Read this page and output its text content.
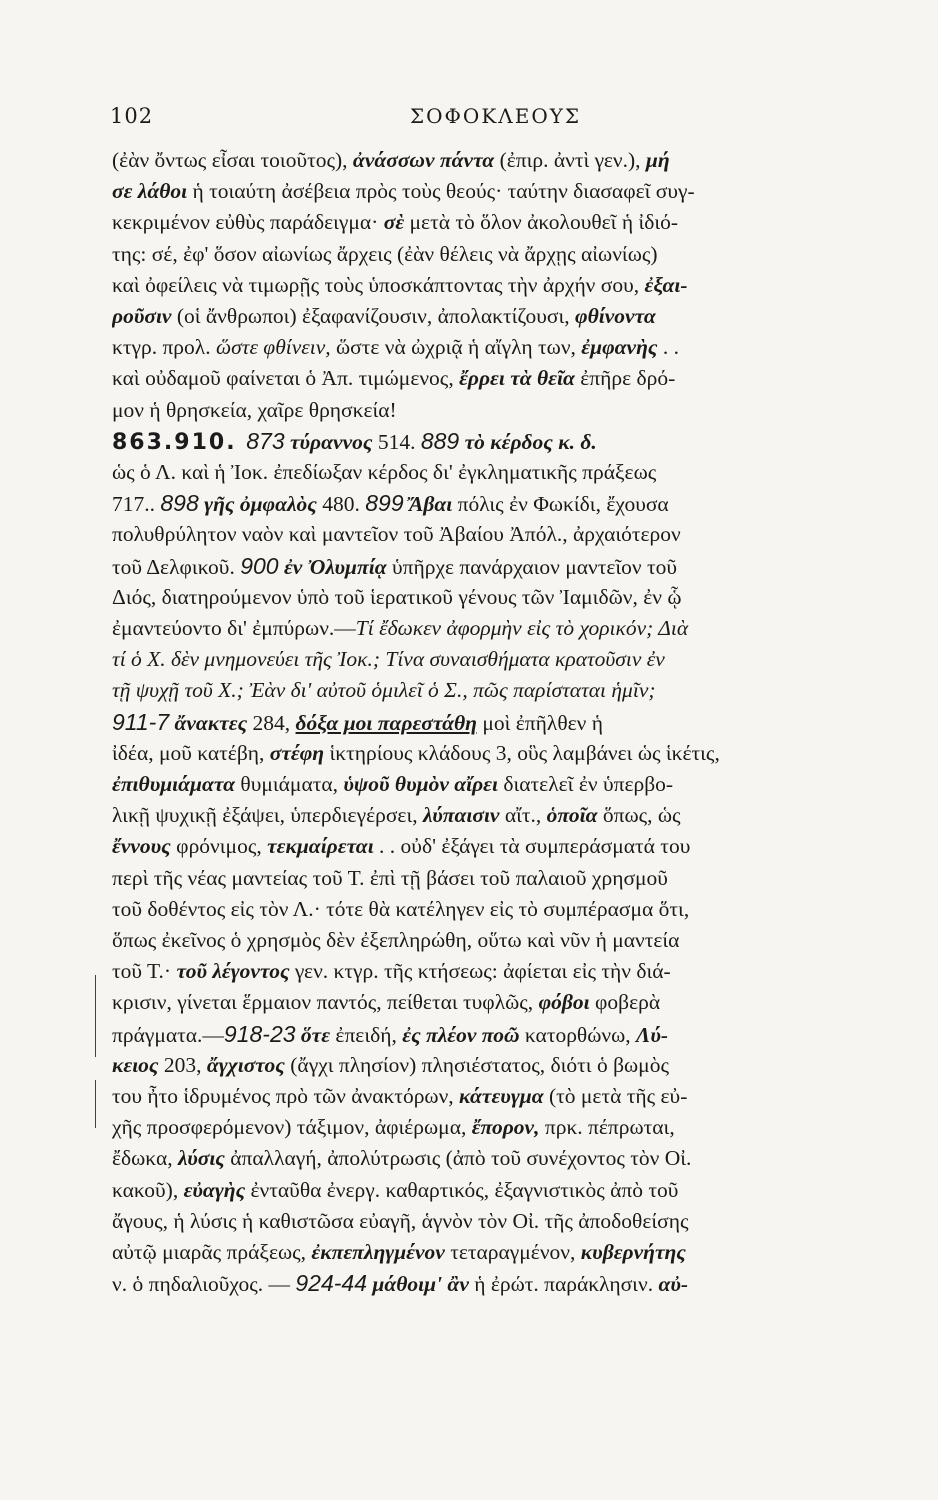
102	ΣΟΦΟΚΛΕΟΥΣ
(ἐὰν ὄντως εἶσαι τοιοῦτος), ἀνάσσων πάντα (ἐπιρ. ἀντὶ γεν.), μή
σε λάθοι ἡ τοιαύτη ἀσέβεια πρὸς τοὺς θεούς· ταύτην διασαφεῖ συγ-
κεκριμένον εὐθὺς παράδειγμα· σὲ μετὰ τὸ ὅλον ἀκολουθεῖ ἡ ἰδιό-
της: σέ, ἐφ' ὅσον αἰωνίως ἄρχεις (ἐὰν θέλεις νὰ ἄρχῃς αἰωνίως)
καὶ ὀφείλεις νὰ τιμωρῇς τοὺς ὑποσκάπτοντας τὴν ἀρχήν σου, ἐξαι-
ροῦσιν (οἱ ἄνθρωποι) ἐξαφανίζουσιν, ἀπολακτίζουσι, φθίνοντα
κτγρ. προλ. ὥστε φθίνειν, ὥστε νὰ ὠχριᾷ ἡ αἴγλη των, ἐμφανὴς . .
καὶ οὐδαμοῦ φαίνεται ὁ Ἀπ. τιμώμενος, ἔρρει τὰ θεῖα ἐπῆρε δρό-
μον ἡ θρησκεία, χαῖρε θρησκεία!
863.910. 873 τύραννος 514. 889 τὸ κέρδος κ. δ.
ὡς ὁ Λ. καὶ ἡ Ἰοκ. ἐπεδίωξαν κέρδος δι' ἐγκληματικῆς πράξεως
717.. 898 γῆς ὀμφαλὸς 480. 899 Ἄβαι πόλις ἐν Φωκίδι, ἔχουσα
πολυθρύλητον ναὸν καὶ μαντεῖον τοῦ Ἀβαίου Ἀπόλ., ἀρχαιότερον
τοῦ Δελφικοῦ. 900 ἐν Ὀλυμπίᾳ ὑπῆρχε πανάρχαιον μαντεῖον τοῦ
Διός, διατηρούμενον ὑπὸ τοῦ ἱερατικοῦ γένους τῶν Ἰαμιδῶν, ἐν ᾧ
ἐμαντεύοντο δι' ἐμπύρων.—Τί ἔδωκεν ἀφορμὴν εἰς τὸ χορικόν; Διὰ
τί ὁ Χ. δὲν μνημονεύει τῆς Ἰοκ.; Τίνα συναισθήματα κρατοῦσιν ἐν
τῇ ψυχῇ τοῦ Χ.; Ἐὰν δι' αὐτοῦ ὁμιλεῖ ὁ Σ., πῶς παρίσταται ἡμῖν;
911-7 ἄνακτες 284, δόξα μοι παρεστάθη μοὶ ἐπῆλθεν ἡ
ἰδέα, μοῦ κατέβη, στέφη ἱκτηρίους κλάδους 3, οὓς λαμβάνει ὡς ἱκέτις,
ἐπιθυμιάματα θυμιάματα, ὑψοῦ θυμὸν αἴρει διατελεῖ ἐν ὑπερβο-
λικῇ ψυχικῇ ἐξάψει, ὑπερδιεγέρσει, λύπαισιν αἴτ., ὁποῖα ὅπως, ὡς
ἔννους φρόνιμος, τεκμαίρεται . . οὐδ' ἐξάγει τὰ συμπεράσματά του
περὶ τῆς νέας μαντείας τοῦ Τ. ἐπὶ τῇ βάσει τοῦ παλαιοῦ χρησμοῦ
τοῦ δοθέντος εἰς τὸν Λ.· τότε θὰ κατέληγεν εἰς τὸ συμπέρασμα ὅτι,
ὅπως ἐκεῖνος ὁ χρησμὸς δὲν ἐξεπληρώθη, οὕτω καὶ νῦν ἡ μαντεία
τοῦ Τ.· τοῦ λέγοντος γεν. κτγρ. τῆς κτήσεως: ἀφίεται εἰς τὴν διά-
κρισιν, γίνεται ἕρμαιον παντός, πείθεται τυφλῶς, φόβοι φοβερὰ
πράγματα.—918-23 ὅτε ἐπειδή, ἐς πλέον ποῶ κατορθώνω, Λύ-
κειος 203, ἄγχιστος (ἄγχι πλησίον) πλησιέστατος, διότι ὁ βωμὸς
του ἦτο ἱδρυμένος πρὸ τῶν ἀνακτόρων, κάτευγμα (τὸ μετὰ τῆς εὐ-
χῆς προσφερόμενον) τάξιμον, ἀφιέρωμα, ἔπορον, πρκ. πέπρωται,
ἔδωκα, λύσις ἀπαλλαγή, ἀπολύτρωσις (ἀπὸ τοῦ συνέχοντος τὸν Οἰ.
κακοῦ), εὐαγὴς ἐνταῦθα ἐνεργ. καθαρτικός, ἐξαγνιστικὸς ἀπὸ τοῦ
ἄγους, ἡ λύσις ἡ καθιστῶσα εὐαγῆ, ἁγνὸν τὸν Οἰ. τῆς ἀποδοθείσης
αὐτῷ μιαρᾶς πράξεως, ἐκπεπληγμένον τεταραγμένον, κυβερνήτης
ν. ὁ πηδαλιοῦχος. — 924-44 μάθοιμ' ἂν ἡ ἐρώτ. παράκλησιν. αὐ-
